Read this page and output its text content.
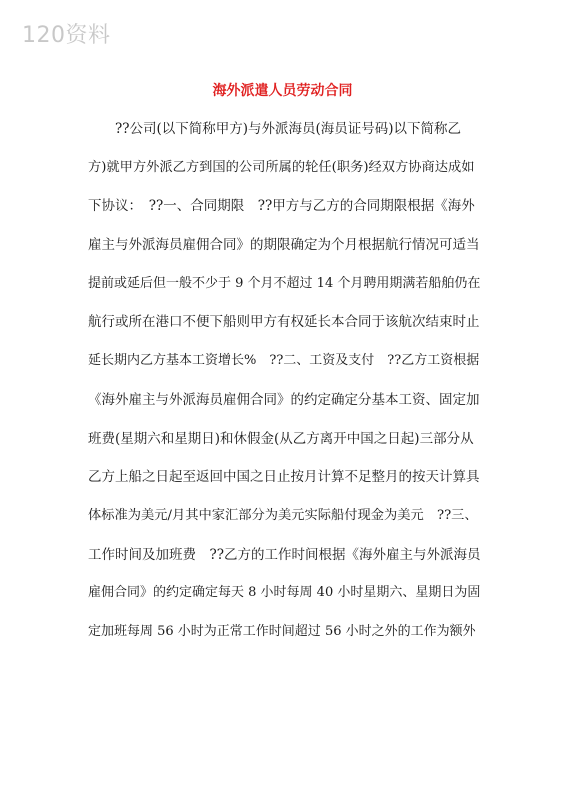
120资料
海外派遣人员劳动合同
　　??公司(以下简称甲方)与外派海员(海员证号码)以下简称乙
方)就甲方外派乙方到国的公司所属的轮任(职务)经双方协商达成如
下协议：　??一、合同期限　??甲方与乙方的合同期限根据《海外
雇主与外派海员雇佣合同》的期限确定为个月根据航行情况可适当
提前或延后但一般不少于 9 个月不超过 14 个月聘用期满若船舶仍在
航行或所在港口不便下船则甲方有权延长本合同于该航次结束时止
延长期内乙方基本工资增长%　??二、工资及支付　??乙方工资根据
《海外雇主与外派海员雇佣合同》的约定确定分基本工资、固定加
班费(星期六和星期日)和休假金(从乙方离开中国之日起)三部分从
乙方上船之日起至返回中国之日止按月计算不足整月的按天计算具
体标准为美元/月其中家汇部分为美元实际船付现金为美元　??三、
工作时间及加班费　??乙方的工作时间根据《海外雇主与外派海员
雇佣合同》的约定确定每天 8 小时每周 40 小时星期六、星期日为固
定加班每周 56 小时为正常工作时间超过 56 小时之外的工作为额外
